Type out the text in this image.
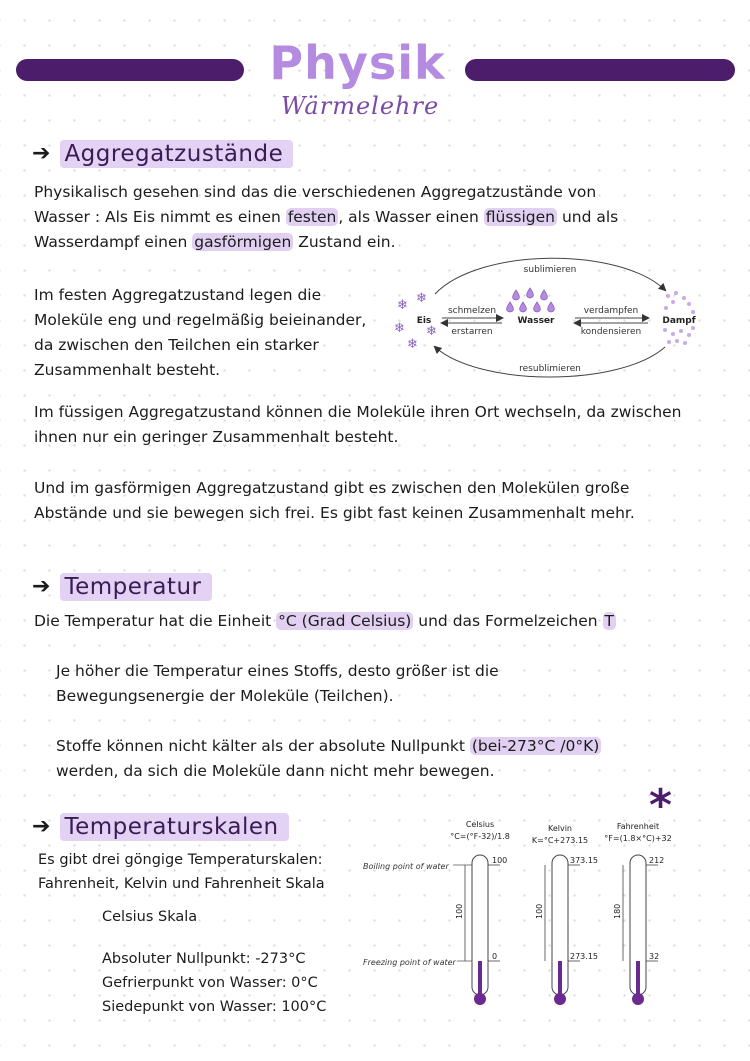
Physik
Wärmelehre
➔ Aggregatzustände
Physikalisch gesehen sind das die verschiedenen Aggregatzustände von Wasser : Als Eis nimmt es einen festen , als Wasser einen flüssigen und als Wasserdampf einen gasförmigen Zustand ein.
Im festen Aggregatzustand legen die Moleküle eng und regelmäßig beieinander, da zwischen den Teilchen ein starker Zusammenhalt besteht.
sublimieren
resublimieren
❄ ❄
❄ ❄
❄
Eis
schmelzen
erstarren
Wasser
verdampfen
kondensieren
Dampf
Im füssigen Aggregatzustand können die Moleküle ihren Ort wechseln, da zwischen ihnen nur ein geringer Zusammenhalt besteht.
Und im gasförmigen Aggregatzustand gibt es zwischen den Molekülen große Abstände und sie bewegen sich frei. Es gibt fast keinen Zusammenhalt mehr.
➔ Temperatur
Die Temperatur hat die Einheit °C (Grad Celsius) und das Formelzeichen T
Je höher die Temperatur eines Stoffs, desto größer ist die Bewegungsenergie der Moleküle (Teilchen).
Stoffe können nicht kälter als der absolute Nullpunkt (bei-273°C /0°K) werden, da sich die Moleküle dann nicht mehr bewegen.
*
➔ Temperaturskalen
Es gibt drei göngige Temperaturskalen: Fahrenheit, Kelvin und Fahrenheit Skala
Celsius Skala
Absoluter Nullpunkt: -273°C
Gefrierpunkt von Wasser: 0°C
Siedepunkt von Wasser: 100°C
Boiling point of water
Freezing point of water
Celsius
°C=(°F-32)/1.8
100
0
100
Kelvin
K=°C+273.15
373.15
273.15
100
Fahrenheit
°F=(1.8×°C)+32
212
32
180
